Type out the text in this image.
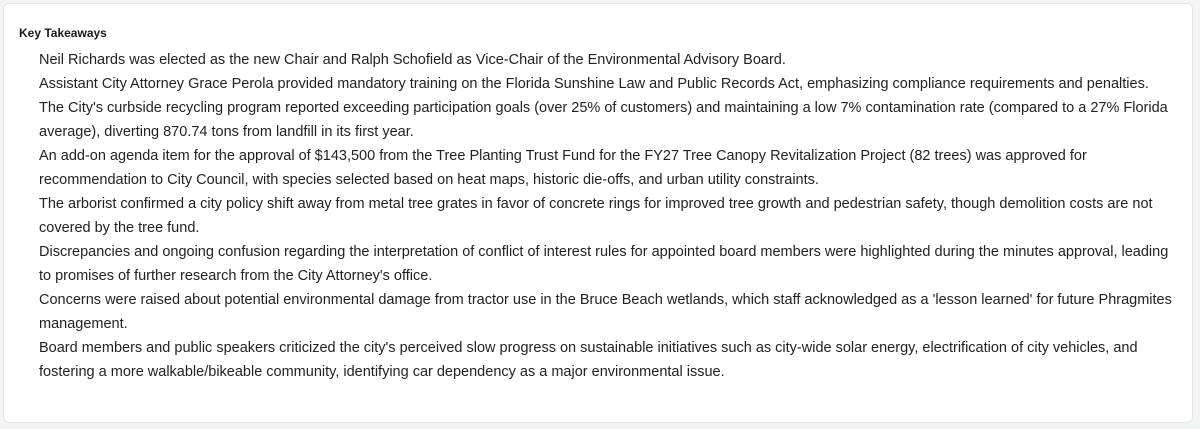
Key Takeaways
Neil Richards was elected as the new Chair and Ralph Schofield as Vice-Chair of the Environmental Advisory Board.
Assistant City Attorney Grace Perola provided mandatory training on the Florida Sunshine Law and Public Records Act, emphasizing compliance requirements and penalties.
The City's curbside recycling program reported exceeding participation goals (over 25% of customers) and maintaining a low 7% contamination rate (compared to a 27% Florida average), diverting 870.74 tons from landfill in its first year.
An add-on agenda item for the approval of $143,500 from the Tree Planting Trust Fund for the FY27 Tree Canopy Revitalization Project (82 trees) was approved for recommendation to City Council, with species selected based on heat maps, historic die-offs, and urban utility constraints.
The arborist confirmed a city policy shift away from metal tree grates in favor of concrete rings for improved tree growth and pedestrian safety, though demolition costs are not covered by the tree fund.
Discrepancies and ongoing confusion regarding the interpretation of conflict of interest rules for appointed board members were highlighted during the minutes approval, leading to promises of further research from the City Attorney's office.
Concerns were raised about potential environmental damage from tractor use in the Bruce Beach wetlands, which staff acknowledged as a 'lesson learned' for future Phragmites management.
Board members and public speakers criticized the city's perceived slow progress on sustainable initiatives such as city-wide solar energy, electrification of city vehicles, and fostering a more walkable/bikeable community, identifying car dependency as a major environmental issue.
